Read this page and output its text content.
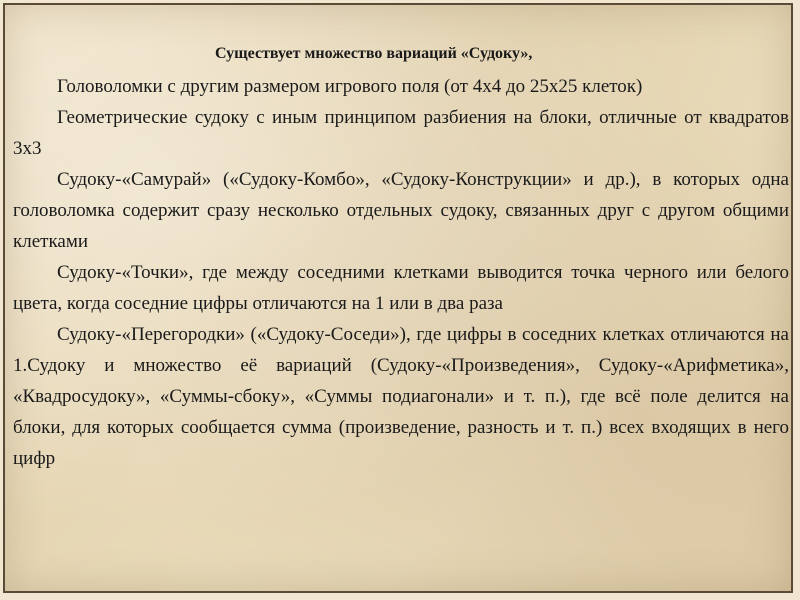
Существует множество вариаций «Судоку»,

Головоломки с другим размером игрового поля (от 4х4 до 25х25 клеток)

Геометрические судоку с иным принципом разбиения на блоки, отличные от квадратов 3х3

Судоку-«Самурай» («Судоку-Комбо», «Судоку-Конструкции» и др.), в которых одна головоломка содержит сразу несколько отдельных судоку, связанных друг с другом общими клетками

Судоку-«Точки», где между соседними клетками выводится точка черного или белого цвета, когда соседние цифры отличаются на 1 или в два раза

Судоку-«Перегородки» («Судоку-Соседи»), где цифры в соседних клетках отличаются на 1.Судоку и множество её вариаций (Судоку-«Произведения», Судоку-«Арифметика», «Квадросудоку», «Суммы-сбоку», «Суммы подиагонали» и т. п.), где всё поле делится на блоки, для которых сообщается сумма (произведение, разность и т. п.) всех входящих в него цифр
